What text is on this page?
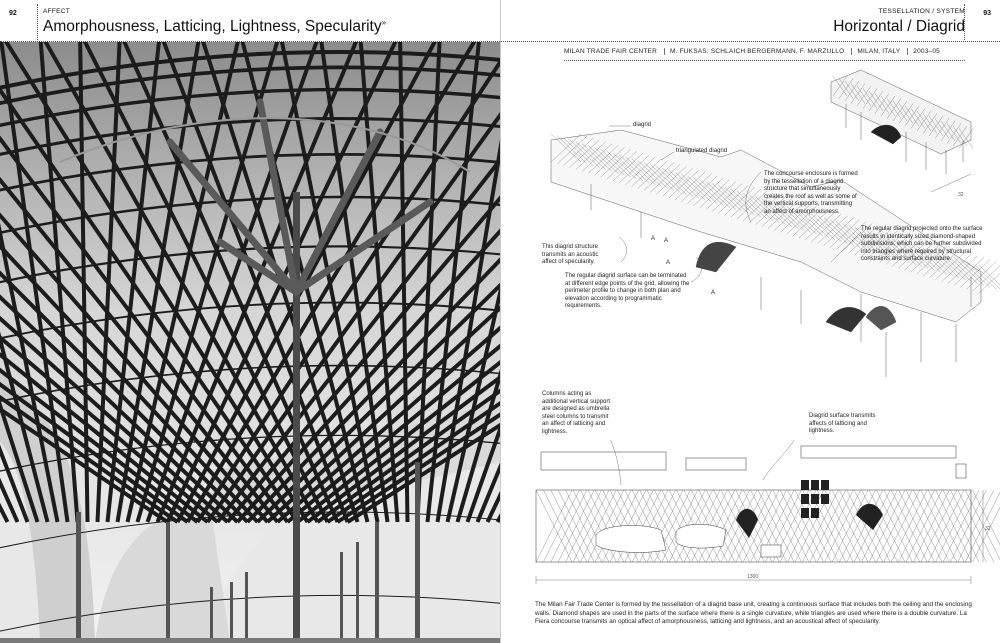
92	AFFECT
Amorphousness, Latticing, Lightness, Specularity»
TESSELLATION / SYSTEM
Horizontal / Diagrid
93
MILAN TRADE FAIR CENTER M. FUKSAS: SCHLAICH BERGERMANN, F. MARZULLO MILAN, ITALY 2003–05
32
A A
A
A
diagrid
triangulated diagrid
The concourse enclosure is formed by the tessellation of a diagrid structure that simultaneously creates the roof as well as some of the vertical supports, transmitting an affect of amorphousness.
The regular diagrid projected onto the surface results in identically sized diamond-shaped subdivisions, which can be further subdivided into triangles where required by structural constraints and surface curvature.
This diagrid structure transmits an acoustic affect of specularity.
The regular diagrid surface can be terminated at different edge points of the grid, allowing the perimeter profile to change in both plan and elevation according to programmatic requirements.
1300
32
Columns acting as additional vertical support are designed as umbrella steel columns to transmit an affect of latticing and lightness.
Diagrid surface transmits affects of latticing and lightness.
The Milan Fair Trade Center is formed by the tessellation of a diagrid base unit, creating a continuous surface that includes both the ceiling and the enclosing walls. Diamond shapes are used in the parts of the surface where there is a single curvature, while triangles are used where there is a double curvature. La Fiera concourse transmits an optical affect of amorphousness, latticing and lightness, and an acoustical affect of specularity.
